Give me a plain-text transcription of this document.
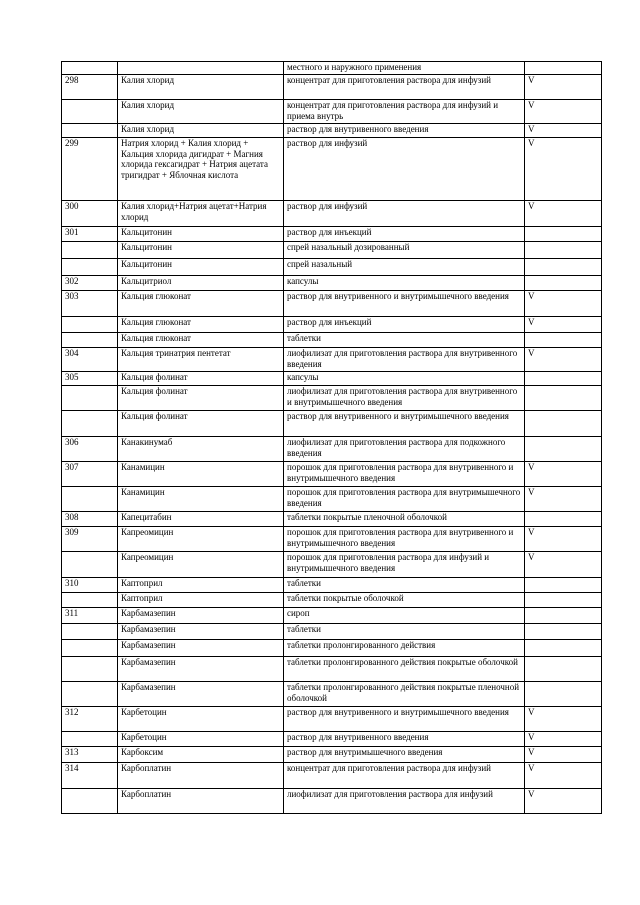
		местного и наружного применения	
298	Калия хлорид	концентрат для приготовления раствора для инфузий	V
	Калия хлорид	концентрат для приготовления раствора для инфузий и приема внутрь	V
	Калия хлорид	раствор для внутривенного введения	V
299	Натрия хлорид + Калия хлорид + Кальция хлорида дигидрат + Магния хлорида гексагидрат + Натрия ацетата тригидрат + Яблочная кислота	раствор для инфузий	V
300	Калия хлорид+Натрия ацетат+Натрия хлорид	раствор для инфузий	V
301	Кальцитонин	раствор для инъекций	
	Кальцитонин	спрей назальный дозированный	
	Кальцитонин	спрей назальный	
302	Кальцитриол	капсулы	
303	Кальция глюконат	раствор для внутривенного и внутримышечного введения	V
	Кальция глюконат	раствор для инъекций	V
	Кальция глюконат	таблетки	
304	Кальция тринатрия пентетат	лиофилизат для приготовления раствора для внутривенного введения	V
305	Кальция фолинат	капсулы	
	Кальция фолинат	лиофилизат для приготовления раствора для внутривенного и внутримышечного введения	
	Кальция фолинат	раствор для внутривенного и внутримышечного введения	
306	Канакинумаб	лиофилизат для приготовления раствора для подкожного введения	
307	Канамицин	порошок для приготовления раствора для внутривенного и внутримышечного введения	V
	Канамицин	порошок для приготовления раствора для внутримышечного введения	V
308	Капецитабин	таблетки покрытые пленочной оболочкой	
309	Капреомицин	порошок для приготовления раствора для внутривенного и внутримышечного введения	V
	Капреомицин	порошок для приготовления раствора для инфузий и внутримышечного введения	V
310	Каптоприл	таблетки	
	Каптоприл	таблетки покрытые оболочкой	
311	Карбамазепин	сироп	
	Карбамазепин	таблетки	
	Карбамазепин	таблетки пролонгированного действия	
	Карбамазепин	таблетки пролонгированного действия покрытые оболочкой	
	Карбамазепин	таблетки пролонгированного действия покрытые пленочной оболочкой	
312	Карбетоцин	раствор для внутривенного и внутримышечного введения	V
	Карбетоцин	раствор для внутривенного введения	V
313	Карбоксим	раствор для внутримышечного введения	V
314	Карбоплатин	концентрат для приготовления раствора для инфузий	V
	Карбоплатин	лиофилизат для приготовления раствора для инфузий	V
